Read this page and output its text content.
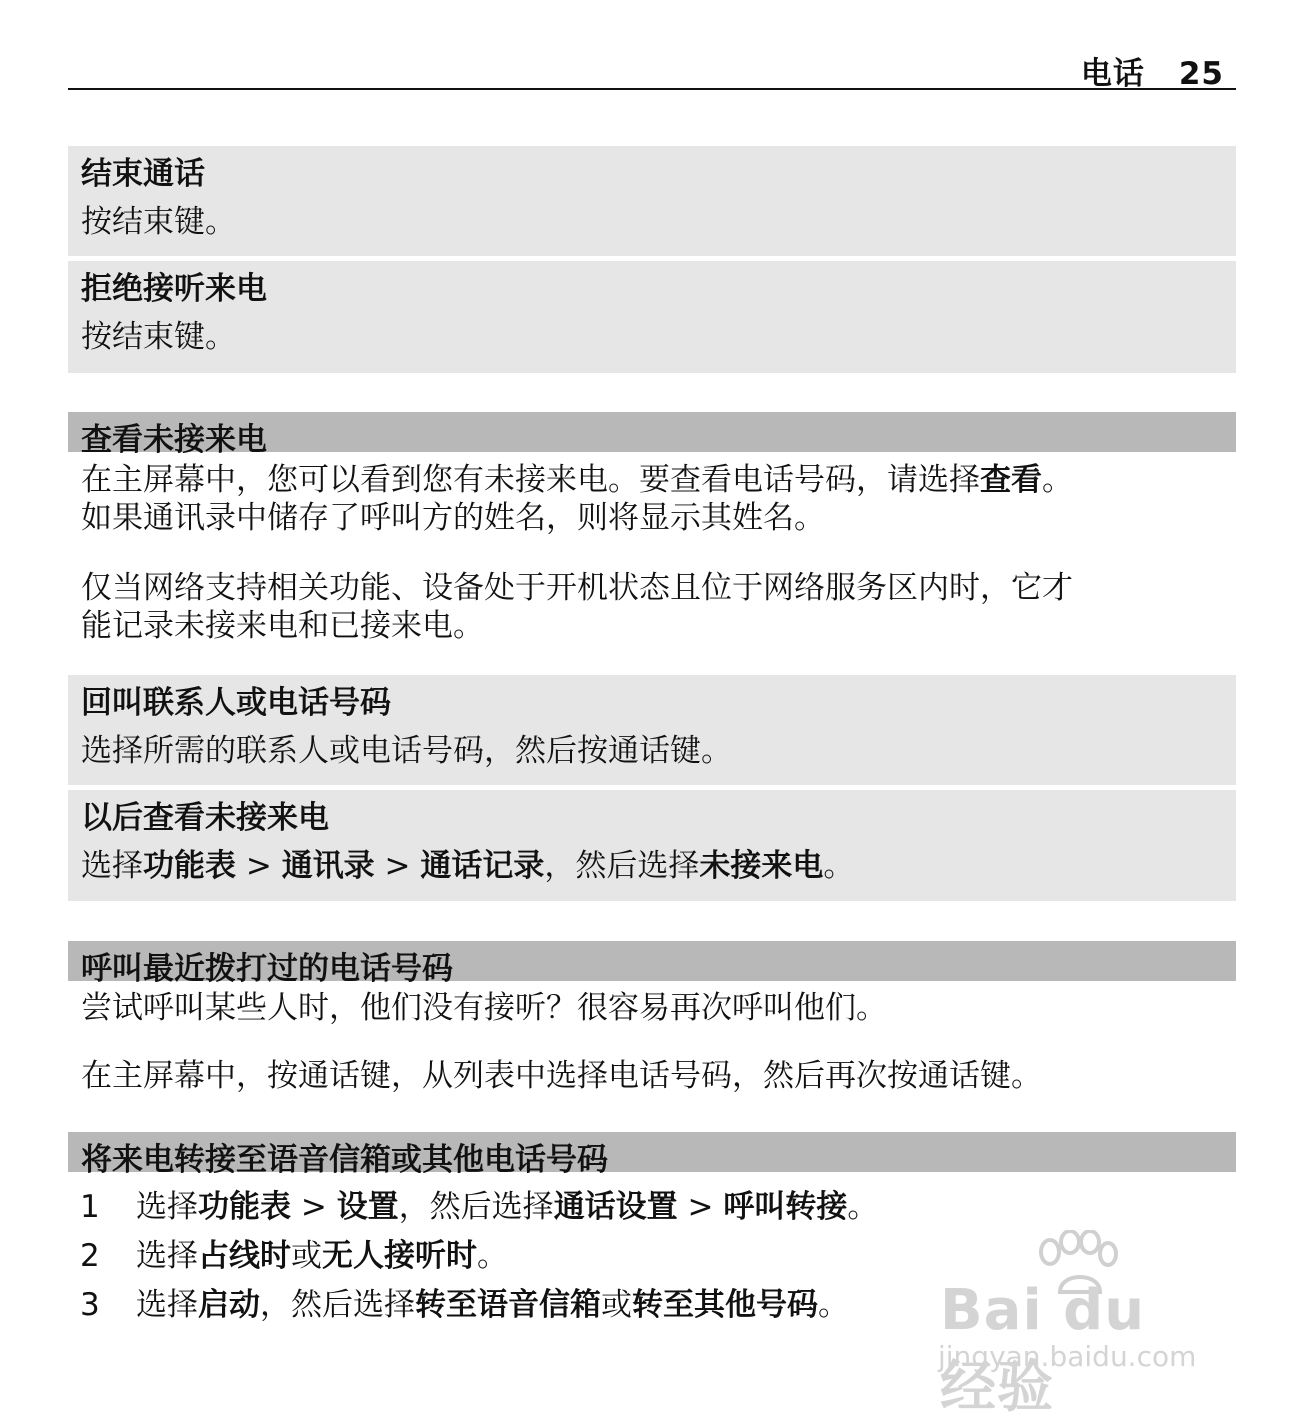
电话 25
结束通话
按结束键。
拒绝接听来电
按结束键。
查看未接来电
在主屏幕中，您可以看到您有未接来电。要查看电话号码，请选择查看。
如果通讯录中储存了呼叫方的姓名，则将显示其姓名。
仅当网络支持相关功能、设备处于开机状态且位于网络服务区内时，它才
能记录未接来电和已接来电。
回叫联系人或电话号码
选择所需的联系人或电话号码，然后按通话键。
以后查看未接来电
选择功能表 > 通讯录 > 通话记录，然后选择未接来电。
呼叫最近拨打过的电话号码
尝试呼叫某些人时，他们没有接听？很容易再次呼叫他们。
在主屏幕中，按通话键，从列表中选择电话号码，然后再次按通话键。
将来电转接至语音信箱或其他电话号码
1 选择功能表 > 设置，然后选择通话设置 > 呼叫转接。
2 选择占线时或无人接听时。
3 选择启动，然后选择转至语音信箱或转至其他号码。 Bai du 经验
jingyan.baidu.com
